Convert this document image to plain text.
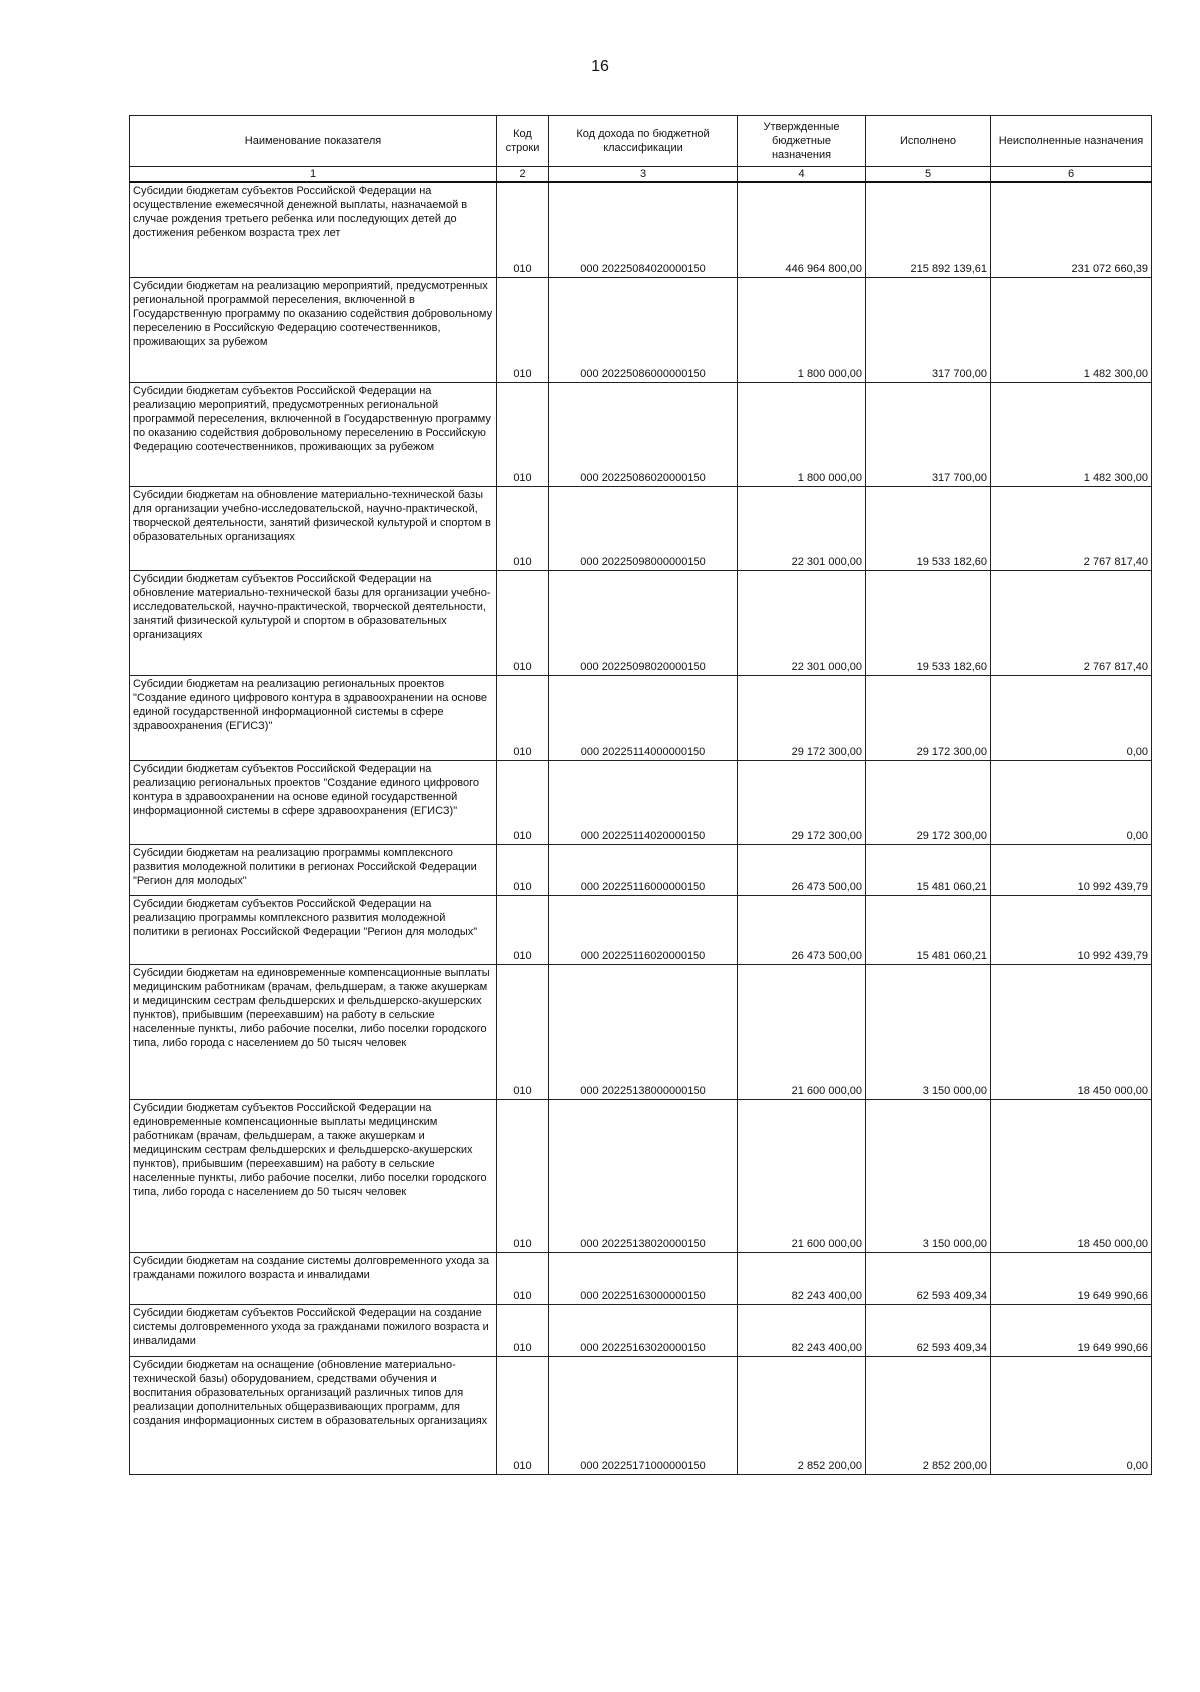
16
Наименование показателя	Код строки	Код дохода по бюджетной классификации	Утвержденные бюджетные назначения	Исполнено	Неисполненные назначения
1	2	3	4	5	6
Субсидии бюджетам субъектов Российской Федерации на осуществление ежемесячной денежной выплаты, назначаемой в случае рождения третьего ребенка или последующих детей до достижения ребенком возраста трех лет	010	000 20225084020000150	446 964 800,00	215 892 139,61	231 072 660,39
Субсидии бюджетам на реализацию мероприятий, предусмотренных региональной программой переселения, включенной в Государственную программу по оказанию содействия добровольному переселению в Российскую Федерацию соотечественников, проживающих за рубежом	010	000 20225086000000150	1 800 000,00	317 700,00	1 482 300,00
Субсидии бюджетам субъектов Российской Федерации на реализацию мероприятий, предусмотренных региональной программой переселения, включенной в Государственную программу по оказанию содействия добровольному переселению в Российскую Федерацию соотечественников, проживающих за рубежом	010	000 20225086020000150	1 800 000,00	317 700,00	1 482 300,00
Субсидии бюджетам на обновление материально-технической базы для организации учебно-исследовательской, научно-практической, творческой деятельности, занятий физической культурой и спортом в образовательных организациях	010	000 20225098000000150	22 301 000,00	19 533 182,60	2 767 817,40
Субсидии бюджетам субъектов Российской Федерации на обновление материально-технической базы для организации учебно-исследовательской, научно-практической, творческой деятельности, занятий физической культурой и спортом в образовательных организациях	010	000 20225098020000150	22 301 000,00	19 533 182,60	2 767 817,40
Субсидии бюджетам на реализацию региональных проектов "Создание единого цифрового контура в здравоохранении на основе единой государственной информационной системы в сфере здравоохранения (ЕГИСЗ)"	010	000 20225114000000150	29 172 300,00	29 172 300,00	0,00
Субсидии бюджетам субъектов Российской Федерации на реализацию региональных проектов "Создание единого цифрового контура в здравоохранении на основе единой государственной информационной системы в сфере здравоохранения (ЕГИСЗ)"	010	000 20225114020000150	29 172 300,00	29 172 300,00	0,00
Субсидии бюджетам на реализацию программы комплексного развития молодежной политики в регионах Российской Федерации "Регион для молодых"	010	000 20225116000000150	26 473 500,00	15 481 060,21	10 992 439,79
Субсидии бюджетам субъектов Российской Федерации на реализацию программы комплексного развития молодежной политики в регионах Российской Федерации "Регион для молодых"	010	000 20225116020000150	26 473 500,00	15 481 060,21	10 992 439,79
Субсидии бюджетам на единовременные компенсационные выплаты медицинским работникам (врачам, фельдшерам, а также акушеркам и медицинским сестрам фельдшерских и фельдшерско-акушерских пунктов), прибывшим (переехавшим) на работу в сельские населенные пункты, либо рабочие поселки, либо поселки городского типа, либо города с населением до 50 тысяч человек	010	000 20225138000000150	21 600 000,00	3 150 000,00	18 450 000,00
Субсидии бюджетам субъектов Российской Федерации на единовременные компенсационные выплаты медицинским работникам (врачам, фельдшерам, а также акушеркам и медицинским сестрам фельдшерских и фельдшерско-акушерских пунктов), прибывшим (переехавшим) на работу в сельские населенные пункты, либо рабочие поселки, либо поселки городского типа, либо города с населением до 50 тысяч человек	010	000 20225138020000150	21 600 000,00	3 150 000,00	18 450 000,00
Субсидии бюджетам на создание системы долговременного ухода за гражданами пожилого возраста и инвалидами	010	000 20225163000000150	82 243 400,00	62 593 409,34	19 649 990,66
Субсидии бюджетам субъектов Российской Федерации на создание системы долговременного ухода за гражданами пожилого возраста и инвалидами	010	000 20225163020000150	82 243 400,00	62 593 409,34	19 649 990,66
Субсидии бюджетам на оснащение (обновление материально-технической базы) оборудованием, средствами обучения и воспитания образовательных организаций различных типов для реализации дополнительных общеразвивающих программ, для создания информационных систем в образовательных организациях	010	000 20225171000000150	2 852 200,00	2 852 200,00	0,00
